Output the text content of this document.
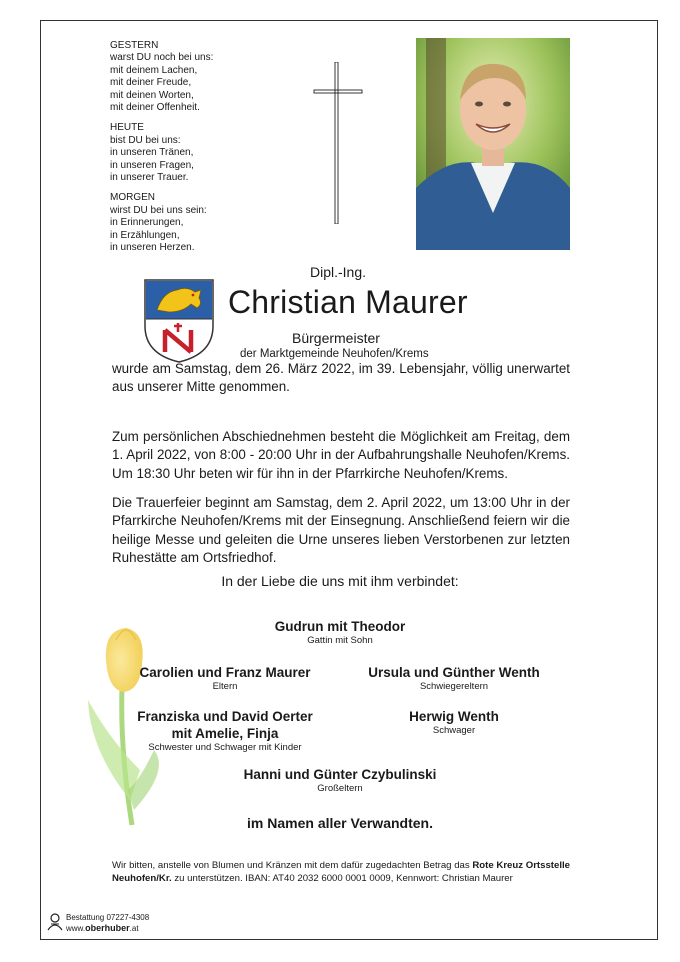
GESTERN
warst DU noch bei uns:
mit deinem Lachen,
mit deiner Freude,
mit deinen Worten,
mit deiner Offenheit.
HEUTE
bist DU bei uns:
in unseren Tränen,
in unseren Fragen,
in unserer Trauer.
MORGEN
wirst DU bei uns sein:
in Erinnerungen,
in Erzählungen,
in unseren Herzen.
Dipl.-Ing.
Christian Maurer
Bürgermeister
der Marktgemeinde Neuhofen/Krems
wurde am Samstag, dem 26. März 2022, im 39. Lebensjahr, völlig unerwartet aus unserer Mitte genommen.
Zum persönlichen Abschiednehmen besteht die Möglichkeit am Freitag, dem 1. April 2022, von 8:00 - 20:00 Uhr in der Aufbahrungshalle Neuhofen/Krems. Um 18:30 Uhr beten wir für ihn in der Pfarrkirche Neuhofen/Krems.
Die Trauerfeier beginnt am Samstag, dem 2. April 2022, um 13:00 Uhr in der Pfarrkirche Neuhofen/Krems mit der Einsegnung. Anschließend feiern wir die heilige Messe und geleiten die Urne unseres lieben Verstorbenen zur letzten Ruhestätte am Ortsfriedhof.
In der Liebe die uns mit ihm verbindet:
Gudrun mit Theodor
Gattin mit Sohn
Carolien und Franz Maurer
Eltern
Ursula und Günther Wenth
Schwiegereltern
Franziska und David Oerter
mit Amelie, Finja
Schwester und Schwager mit Kinder
Herwig Wenth
Schwager
Hanni und Günter Czybulinski
Großeltern
im Namen aller Verwandten.
Wir bitten, anstelle von Blumen und Kränzen mit dem dafür zugedachten Betrag das Rote Kreuz Ortsstelle Neuhofen/Kr. zu unterstützen. IBAN: AT40 2032 6000 0001 0009, Kennwort: Christian Maurer
Bestattung 07227-4308
www.oberhuber.at
